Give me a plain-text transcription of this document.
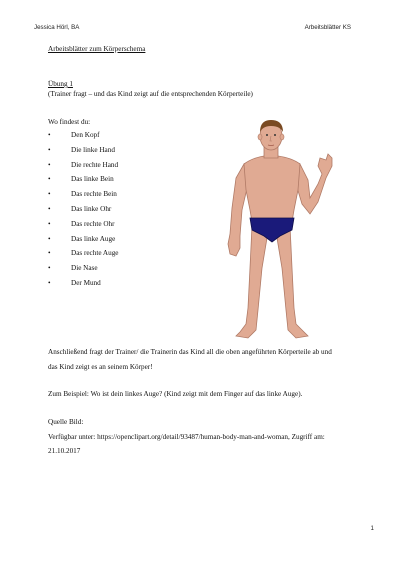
Jessica Hörl, BA	Arbeitsblätter KS
Arbeitsblätter zum Körperschema
Übung 1
(Trainer fragt – und das Kind zeigt auf die entsprechenden Körperteile)
Wo findest du:
•	Den Kopf
•	Die linke Hand
•	Die rechte Hand
•	Das linke Bein
•	Das rechte Bein
•	Das linke Ohr
•	Das rechte Ohr
•	Das linke Auge
•	Das rechte Auge
•	Die Nase
•	Der Mund
Anschließend fragt der Trainer/ die Trainerin das Kind all die oben angeführten Körperteile ab und
das Kind zeigt es an seinem Körper!
Zum Beispiel: Wo ist dein linkes Auge? (Kind zeigt mit dem Finger auf das linke Auge).
Quelle Bild:
Verfügbar unter: https://openclipart.org/detail/93487/human-body-man-and-woman, Zugriff am:
21.10.2017
1
